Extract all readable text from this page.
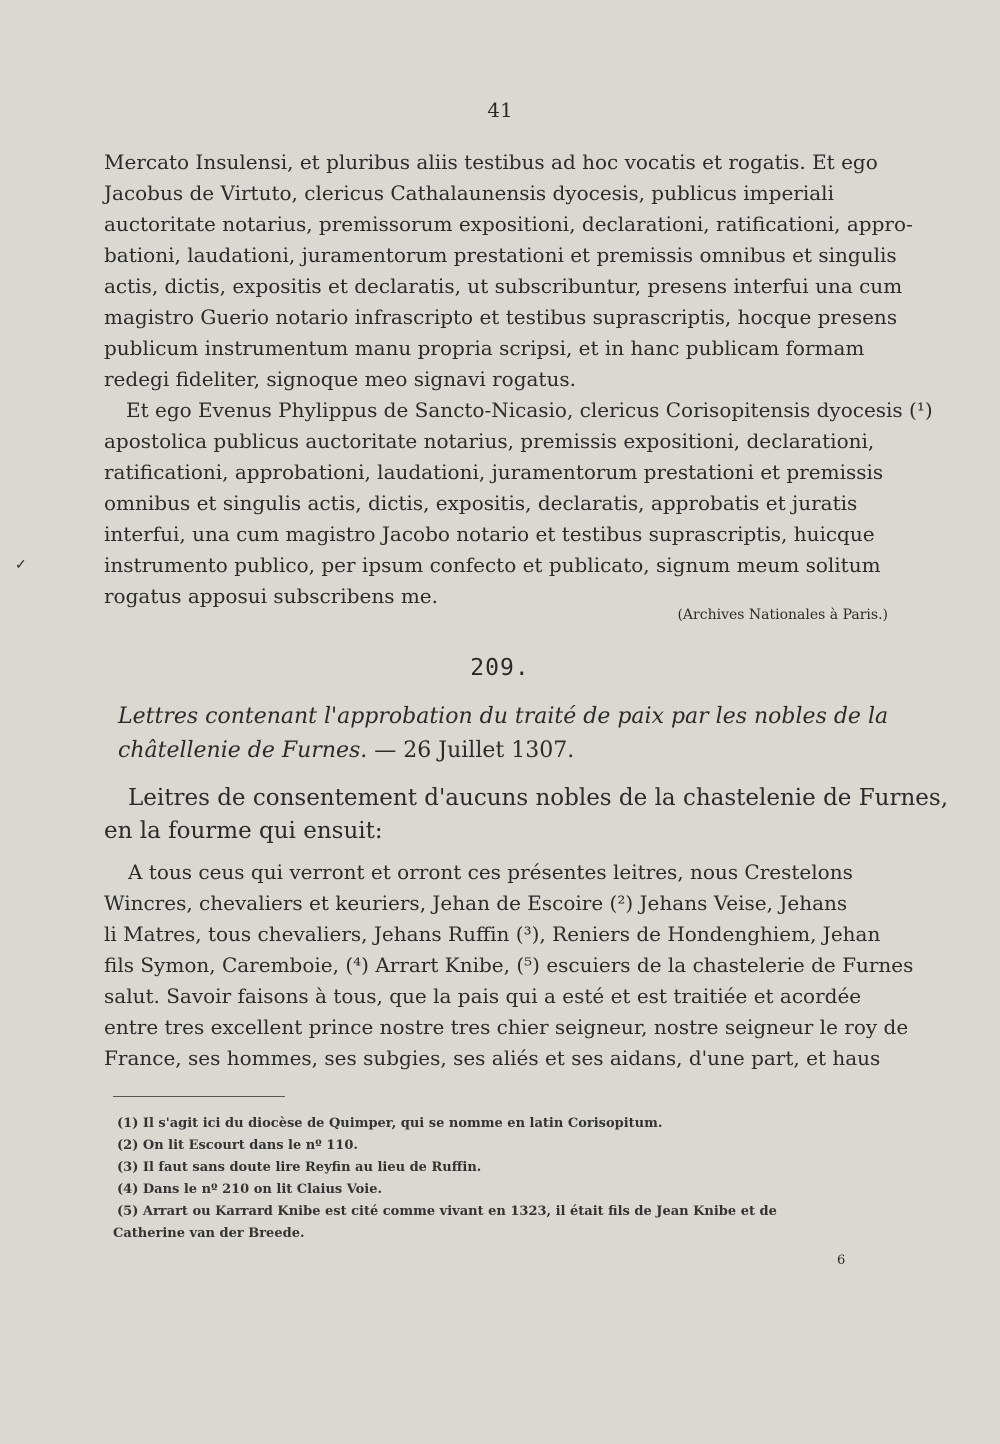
41

Mercato Insulensi, et pluribus aliis testibus ad hoc vocatis et rogatis. Et ego
Jacobus de Virtuto, clericus Cathalaunensis dyocesis, publicus imperiali
auctoritate notarius, premissorum expositioni, declarationi, ratificationi, appro-
bationi, laudationi, juramentorum prestationi et premissis omnibus et singulis
actis, dictis, expositis et declaratis, ut subscribuntur, presens interfui una cum
magistro Guerio notario infrascripto et testibus suprascriptis, hocque presens
publicum instrumentum manu propria scripsi, et in hanc publicam formam
redegi fideliter, signoque meo signavi rogatus.

Et ego Evenus Phylippus de Sancto-Nicasio, clericus Corisopitensis dyocesis (¹)
apostolica publicus auctoritate notarius, premissis expositioni, declarationi,
ratificationi, approbationi, laudationi, juramentorum prestationi et premissis
omnibus et singulis actis, dictis, expositis, declaratis, approbatis et juratis
interfui, una cum magistro Jacobo notario et testibus suprascriptis, huicque
instrumento publico, per ipsum confecto et publicato, signum meum solitum
rogatus apposui subscribens me.

(Archives Nationales à Paris.)
209.

Lettres contenant l'approbation du traité de paix par les nobles de la
châtellenie de Furnes. — 26 Juillet 1307.

Leitres de consentement d'aucuns nobles de la chastelenie de Furnes,
en la fourme qui ensuit:

A tous ceus qui verront et orront ces présentes leitres, nous Crestelons
Wincres, chevaliers et keuriers, Jehan de Escoire (²) Jehans Veise, Jehans
li Matres, tous chevaliers, Jehans Ruffin (³), Reniers de Hondenghiem, Jehan
fils Symon, Caremboie, (⁴) Arrart Knibe, (⁵) escuiers de la chastelerie de Furnes
salut. Savoir faisons à tous, que la pais qui a esté et est traitiée et acordée
entre tres excellent prince nostre tres chier seigneur, nostre seigneur le roy de
France, ses hommes, ses subgies, ses aliés et ses aidans, d'une part, et haus

(1) Il s'agit ici du diocèse de Quimper, qui se nomme en latin Corisopitum.
(2) On lit Escourt dans le nº 110.
(3) Il faut sans doute lire Reyfin au lieu de Ruffin.
(4) Dans le nº 210 on lit Claius Voie.
(5) Arrart ou Karrard Knibe est cité comme vivant en 1323, il était fils de Jean Knibe et de
Catherine van der Breede.

6
✓
